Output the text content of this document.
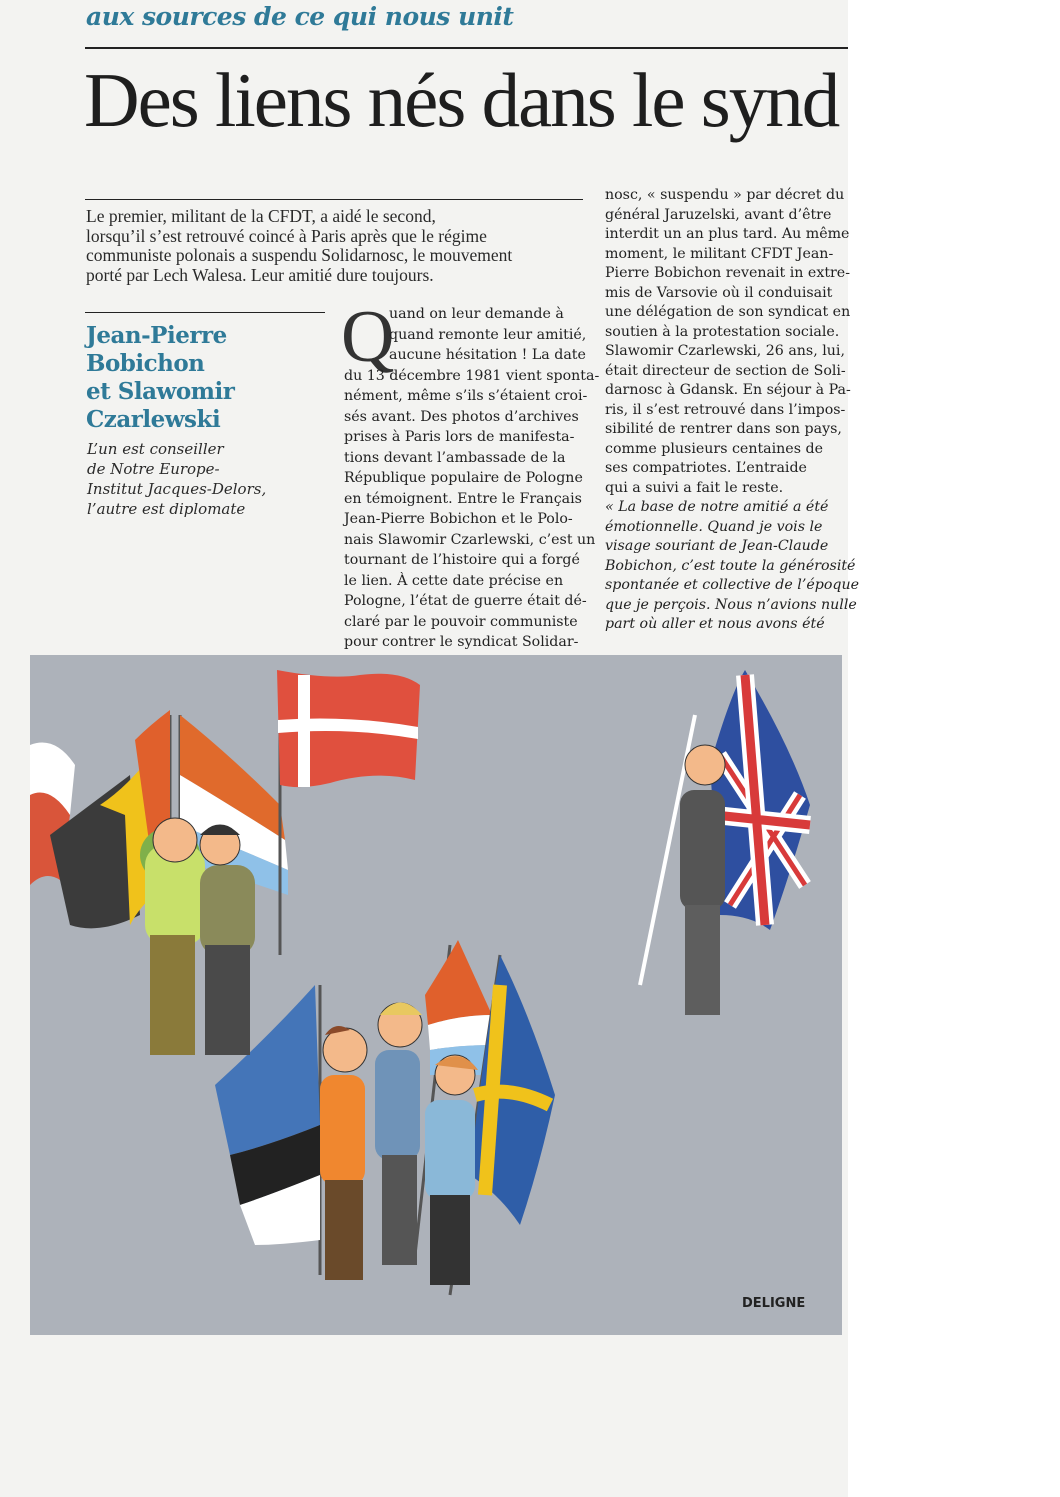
aux sources de ce qui nous unit
Des liens nés dans le synd
Le premier, militant de la CFDT, a aidé le second,
lorsqu’il s’est retrouvé coincé à Paris après que le régime
communiste polonais a suspendu Solidarnosc, le mouvement
porté par Lech Walesa. Leur amitié dure toujours.
Jean-Pierre
Bobichon
et Slawomir
Czarlewski
L’un est conseiller
de Notre Europe-
Institut Jacques-Delors,
l’autre est diplomate
Q
uand on leur demande à
quand remonte leur amitié,
aucune hésitation ! La date
du 13 décembre 1981 vient sponta-
nément, même s’ils s’étaient croi-
sés avant. Des photos d’archives
prises à Paris lors de manifesta-
tions devant l’ambassade de la
République populaire de Pologne
en témoignent. Entre le Français
Jean-Pierre Bobichon et le Polo-
nais Slawomir Czarlewski, c’est un
tournant de l’histoire qui a forgé
le lien. À cette date précise en
Pologne, l’état de guerre était dé-
claré par le pouvoir communiste
pour contrer le syndicat Solidar-
nosc, « suspendu » par décret du
général Jaruzelski, avant d’être
interdit un an plus tard. Au même
moment, le militant CFDT Jean-
Pierre Bobichon revenait in extre-
mis de Varsovie où il conduisait
une délégation de son syndicat en
soutien à la protestation sociale.
Slawomir Czarlewski, 26 ans, lui,
était directeur de section de Soli-
darnosc à Gdansk. En séjour à Pa-
ris, il s’est retrouvé dans l’impos-
sibilité de rentrer dans son pays,
comme plusieurs centaines de
ses compatriotes. L’entraide
qui a suivi a fait le reste.
« La base de notre amitié a été
émotionnelle. Quand je vois le
visage souriant de Jean-Claude
Bobichon, c’est toute la générosité
spontanée et collective de l’époque
que je perçois. Nous n’avions nulle
part où aller et nous avons été
DELIGNE
